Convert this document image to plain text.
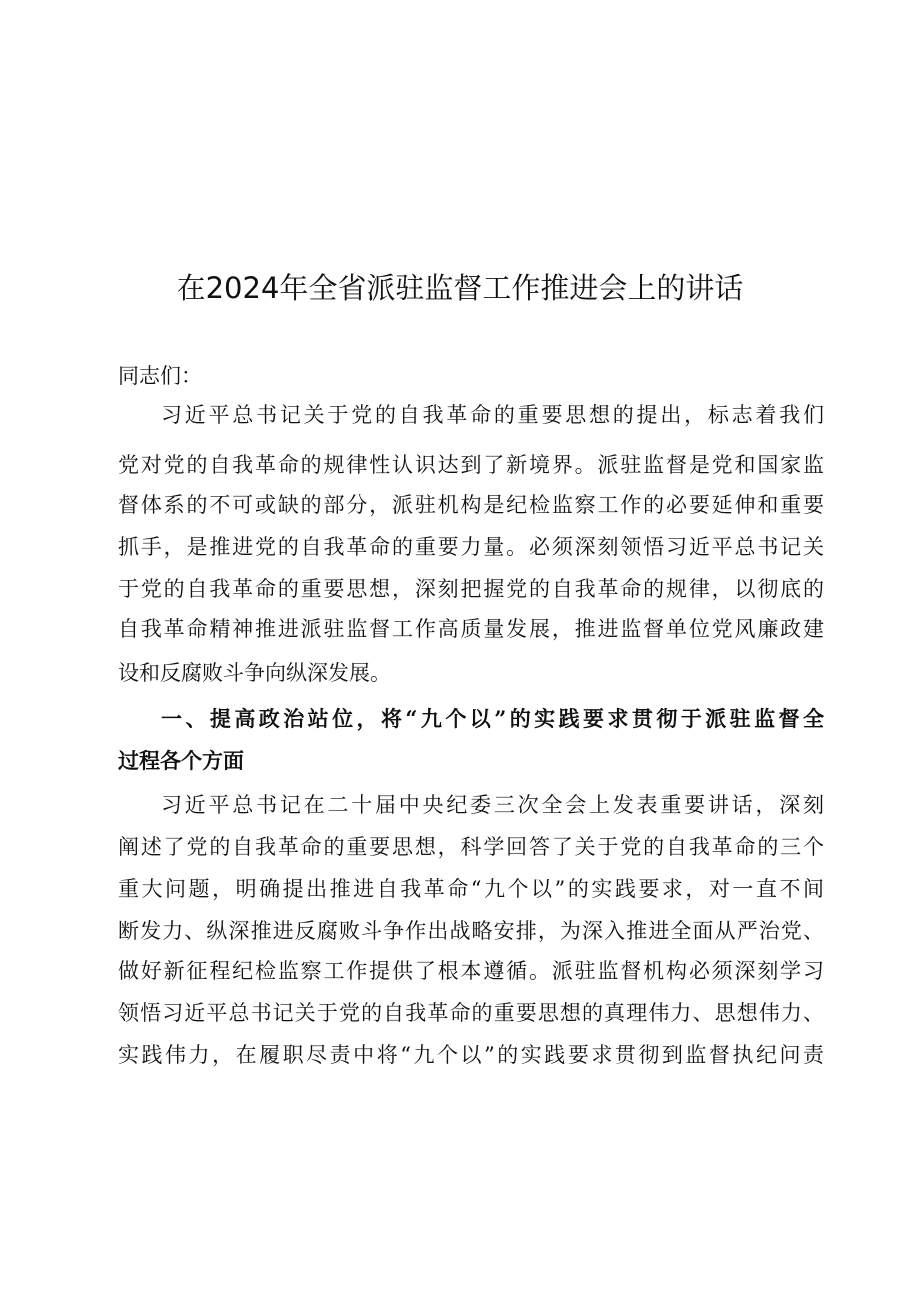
在2024年全省派驻监督工作推进会上的讲话
同志们：
习近平总书记关于党的自我革命的重要思想的提出，标志着我们
党对党的自我革命的规律性认识达到了新境界。派驻监督是党和国家监
督体系的不可或缺的部分，派驻机构是纪检监察工作的必要延伸和重要
抓手，是推进党的自我革命的重要力量。必须深刻领悟习近平总书记关
于党的自我革命的重要思想，深刻把握党的自我革命的规律，以彻底的
自我革命精神推进派驻监督工作高质量发展，推进监督单位党风廉政建
设和反腐败斗争向纵深发展。
一、提高政治站位，将“九个以”的实践要求贯彻于派驻监督全
过程各个方面
习近平总书记在二十届中央纪委三次全会上发表重要讲话，深刻
阐述了党的自我革命的重要思想，科学回答了关于党的自我革命的三个
重大问题，明确提出推进自我革命“九个以”的实践要求，对一直不间
断发力、纵深推进反腐败斗争作出战略安排，为深入推进全面从严治党、
做好新征程纪检监察工作提供了根本遵循。派驻监督机构必须深刻学习
领悟习近平总书记关于党的自我革命的重要思想的真理伟力、思想伟力、
实践伟力，在履职尽责中将“九个以”的实践要求贯彻到监督执纪问责
